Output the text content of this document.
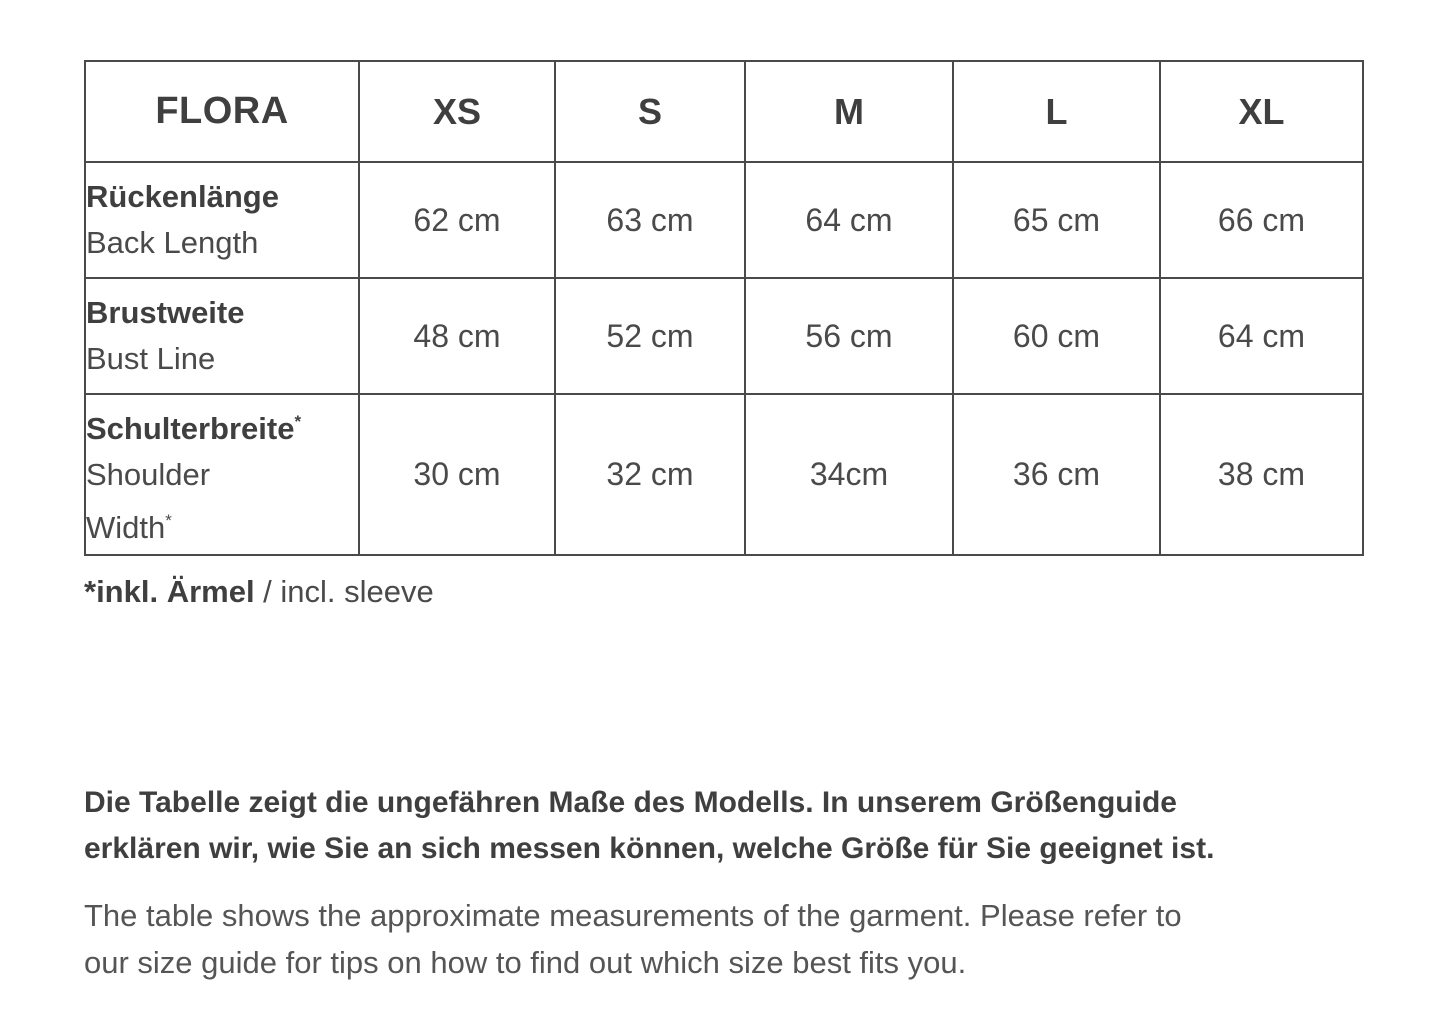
FLORA	XS	S	M	L	XL

Rückenlänge
Back Length	62 cm	63 cm	64 cm	65 cm	66 cm

Brustweite
Bust Line	48 cm	52 cm	56 cm	60 cm	64 cm

Schulterbreite*
Shoulder
Width*	30 cm	32 cm	34cm	36 cm	38 cm
*inkl. Ärmel / incl. sleeve
Die Tabelle zeigt die ungefähren Maße des Modells. In unserem Größenguide
erklären wir, wie Sie an sich messen können, welche Größe für Sie geeignet ist.
The table shows the approximate measurements of the garment. Please refer to
our size guide for tips on how to find out which size best fits you.
